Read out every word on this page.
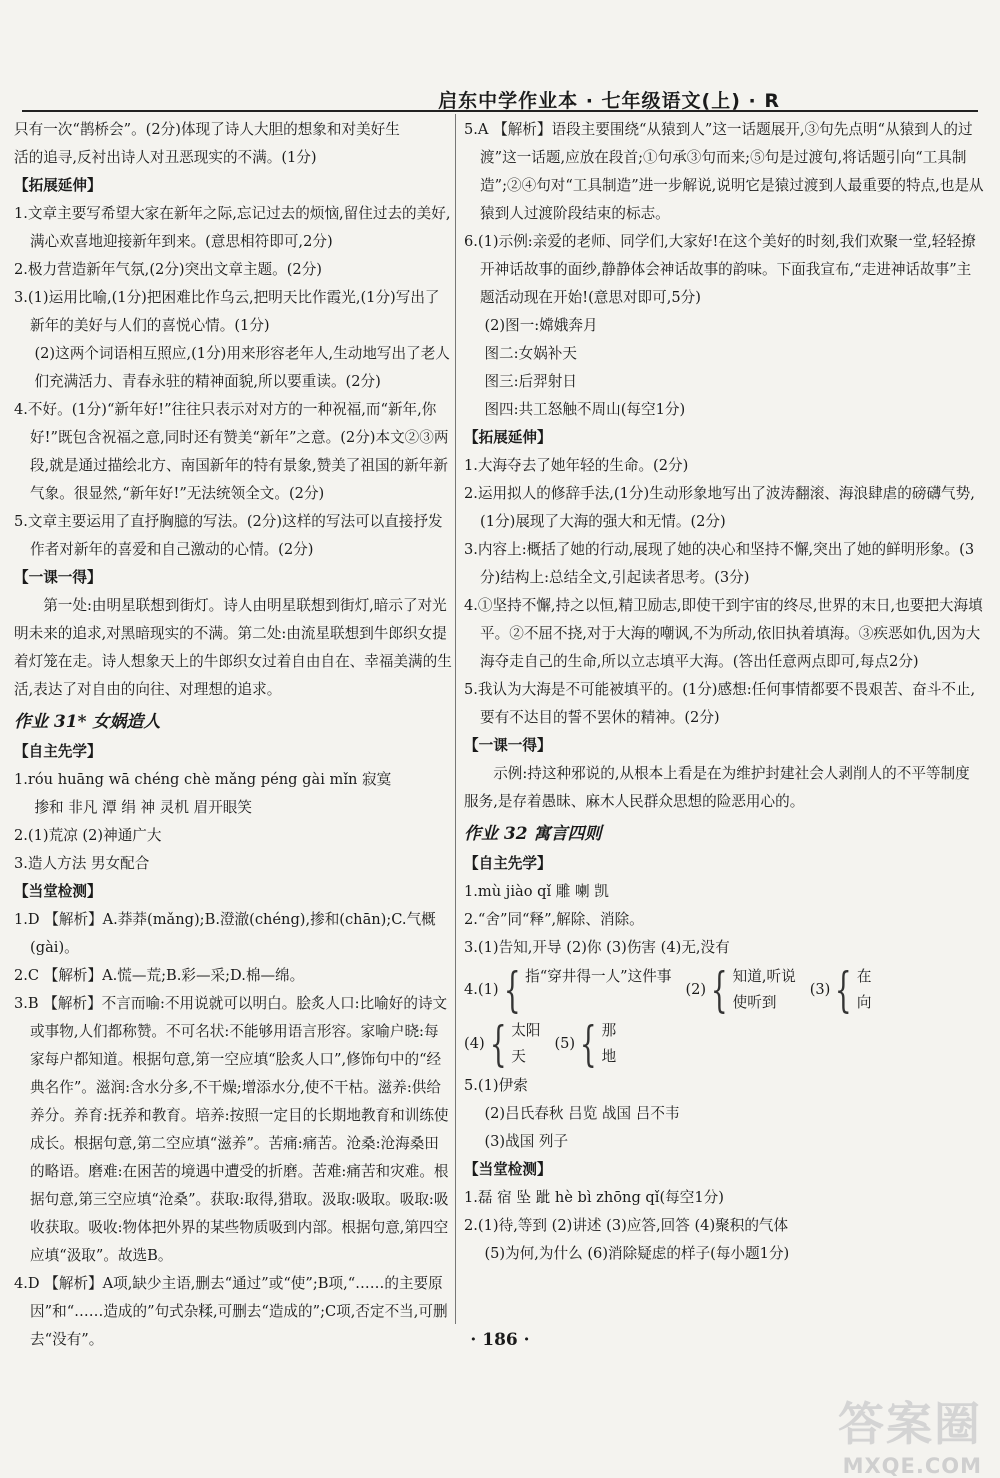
启东中学作业本 · 七年级语文(上) · R
只有一次“鹊桥会”。(2分)体现了诗人大胆的想象和对美好生
活的追寻,反衬出诗人对丑恶现实的不满。(1分)
【拓展延伸】
1.文章主要写希望大家在新年之际,忘记过去的烦恼,留住过去的美好,满心欢喜地迎接新年到来。(意思相符即可,2分)
2.极力营造新年气氛,(2分)突出文章主题。(2分)
3.(1)运用比喻,(1分)把困难比作乌云,把明天比作霞光,(1分)写出了新年的美好与人们的喜悦心情。(1分)
(2)这两个词语相互照应,(1分)用来形容老年人,生动地写出了老人们充满活力、青春永驻的精神面貌,所以要重读。(2分)
4.不好。(1分)“新年好!”往往只表示对对方的一种祝福,而“新年,你好!”既包含祝福之意,同时还有赞美“新年”之意。(2分)本文②③两段,就是通过描绘北方、南国新年的特有景象,赞美了祖国的新年新气象。很显然,“新年好!”无法统领全文。(2分)
5.文章主要运用了直抒胸臆的写法。(2分)这样的写法可以直接抒发作者对新年的喜爱和自己激动的心情。(2分)
【一课一得】
第一处:由明星联想到街灯。诗人由明星联想到街灯,暗示了对光明未来的追求,对黑暗现实的不满。第二处:由流星联想到牛郎织女提着灯笼在走。诗人想象天上的牛郎织女过着自由自在、幸福美满的生活,表达了对自由的向往、对理想的追求。
作业 31* 女娲造人
【自主先学】
1.róu huāng wā chéng chè mǎng péng gài mǐn 寂寞
掺和 非凡 潭 绢 神 灵机 眉开眼笑
2.(1)荒凉 (2)神通广大
3.造人方法 男女配合
【当堂检测】
1.D 【解析】A.莽莽(mǎng);B.澄澈(chéng),掺和(chān);C.气概(gài)。
2.C 【解析】A.慌—荒;B.彩—采;D.棉—绵。
3.B 【解析】不言而喻:不用说就可以明白。脍炙人口:比喻好的诗文或事物,人们都称赞。不可名状:不能够用语言形容。家喻户晓:每家每户都知道。根据句意,第一空应填“脍炙人口”,修饰句中的“经典名作”。滋润:含水分多,不干燥;增添水分,使不干枯。滋养:供给养分。养育:抚养和教育。培养:按照一定目的长期地教育和训练使成长。根据句意,第二空应填“滋养”。苦痛:痛苦。沧桑:沧海桑田的略语。磨难:在困苦的境遇中遭受的折磨。苦难:痛苦和灾难。根据句意,第三空应填“沧桑”。获取:取得,猎取。汲取:吸取。吸取:吸收获取。吸收:物体把外界的某些物质吸到内部。根据句意,第四空应填“汲取”。故选B。
4.D 【解析】A项,缺少主语,删去“通过”或“使”;B项,“……的主要原因”和“……造成的”句式杂糅,可删去“造成的”;C项,否定不当,可删去“没有”。
5.A 【解析】语段主要围绕“从猿到人”这一话题展开,③句先点明“从猿到人的过渡”这一话题,应放在段首;①句承③句而来;⑤句是过渡句,将话题引向“工具制造”;②④句对“工具制造”进一步解说,说明它是猿过渡到人最重要的特点,也是从猿到人过渡阶段结束的标志。
6.(1)示例:亲爱的老师、同学们,大家好!在这个美好的时刻,我们欢聚一堂,轻轻撩开神话故事的面纱,静静体会神话故事的韵味。下面我宣布,“走进神话故事”主题活动现在开始!(意思对即可,5分)
(2)图一:嫦娥奔月
图二:女娲补天
图三:后羿射日
图四:共工怒触不周山(每空1分)
【拓展延伸】
1.大海夺去了她年轻的生命。(2分)
2.运用拟人的修辞手法,(1分)生动形象地写出了波涛翻滚、海浪肆虐的磅礴气势,(1分)展现了大海的强大和无情。(2分)
3.内容上:概括了她的行动,展现了她的决心和坚持不懈,突出了她的鲜明形象。(3分)结构上:总结全文,引起读者思考。(3分)
4.①坚持不懈,持之以恒,精卫励志,即使干到宇宙的终尽,世界的末日,也要把大海填平。②不屈不挠,对于大海的嘲讽,不为所动,依旧执着填海。③疾恶如仇,因为大海夺走自己的生命,所以立志填平大海。(答出任意两点即可,每点2分)
5.我认为大海是不可能被填平的。(1分)感想:任何事情都要不畏艰苦、奋斗不止,要有不达目的誓不罢休的精神。(2分)
【一课一得】
示例:持这种邪说的,从根本上看是在为维护封建社会人剥削人的不平等制度服务,是存着愚昧、麻木人民群众思想的险恶用心的。
作业 32 寓言四则
【自主先学】
1.mù jiào qǐ 雕 喇 凯
2.“舍”同“释”,解除、消除。
3.(1)告知,开导 (2)你 (3)伤害 (4)无,没有
4.(1) { 指“穿井得一人”这件事

(2) { 知道,听说
使听到
(3) { 在
向
(4) { 太阳
天
(5) { 那
地
5.(1)伊索
(2)吕氏春秋 吕览 战国 吕不韦
(3)战国 列子
【当堂检测】
1.磊 宿 坠 跐 hè bì zhōng qǐ(每空1分)
2.(1)待,等到 (2)讲述 (3)应答,回答 (4)聚积的气体
(5)为何,为什么 (6)消除疑虑的样子(每小题1分)
· 186 ·
答案圈
MXQE.COM
